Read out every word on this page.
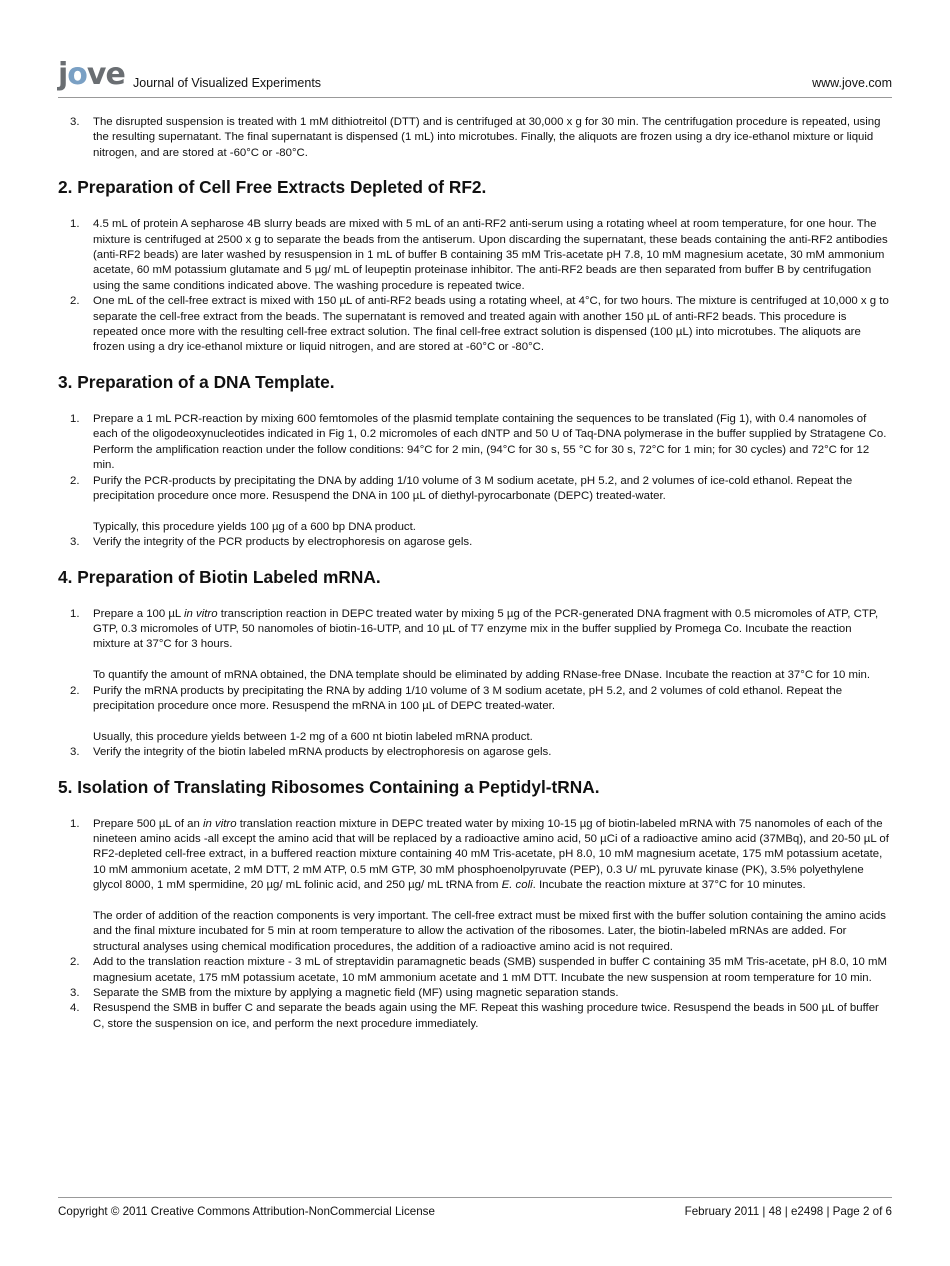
jove Journal of Visualized Experiments	www.jove.com
3. The disrupted suspension is treated with 1 mM dithiotreitol (DTT) and is centrifuged at 30,000 x g for 30 min. The centrifugation procedure is repeated, using the resulting supernatant. The final supernatant is dispensed (1 mL) into microtubes. Finally, the aliquots are frozen using a dry ice-ethanol mixture or liquid nitrogen, and are stored at -60°C or -80°C.

2. Preparation of Cell Free Extracts Depleted of RF2.
1. 4.5 mL of protein A sepharose 4B slurry beads are mixed with 5 mL of an anti-RF2 anti-serum using a rotating wheel at room temperature, for one hour. The mixture is centrifuged at 2500 x g to separate the beads from the antiserum. Upon discarding the supernatant, these beads containing the anti-RF2 antibodies (anti-RF2 beads) are later washed by resuspension in 1 mL of buffer B containing 35 mM Tris-acetate pH 7.8, 10 mM magnesium acetate, 30 mM ammonium acetate, 60 mM potassium glutamate and 5 µg/ mL of leupeptin proteinase inhibitor. The anti-RF2 beads are then separated from buffer B by centrifugation using the same conditions indicated above. The washing procedure is repeated twice.

2. One mL of the cell-free extract is mixed with 150 µL of anti-RF2 beads using a rotating wheel, at 4°C, for two hours. The mixture is centrifuged at 10,000 x g to separate the cell-free extract from the beads. The supernatant is removed and treated again with another 150 µL of anti-RF2 beads. This procedure is repeated once more with the resulting cell-free extract solution. The final cell-free extract solution is dispensed (100 µL) into microtubes. The aliquots are frozen using a dry ice-ethanol mixture or liquid nitrogen, and are stored at -60°C or -80°C.

3. Preparation of a DNA Template.
1. Prepare a 1 mL PCR-reaction by mixing 600 femtomoles of the plasmid template containing the sequences to be translated (Fig 1), with 0.4 nanomoles of each of the oligodeoxynucleotides indicated in Fig 1, 0.2 micromoles of each dNTP and 50 U of Taq-DNA polymerase in the buffer supplied by Stratagene Co. Perform the amplification reaction under the follow conditions: 94°C for 2 min, (94°C for 30 s, 55 °C for 30 s, 72°C for 1 min; for 30 cycles) and 72°C for 12 min.

2. Purify the PCR-products by precipitating the DNA by adding 1/10 volume of 3 M sodium acetate, pH 5.2, and 2 volumes of ice-cold ethanol. Repeat the precipitation procedure once more. Resuspend the DNA in 100 µL of diethyl-pyrocarbonate (DEPC) treated-water.

Typically, this procedure yields 100 µg of a 600 bp DNA product.

3. Verify the integrity of the PCR products by electrophoresis on agarose gels.

4. Preparation of Biotin Labeled mRNA.
1. Prepare a 100 µL in vitro transcription reaction in DEPC treated water by mixing 5 µg of the PCR-generated DNA fragment with 0.5 micromoles of ATP, CTP, GTP, 0.3 micromoles of UTP, 50 nanomoles of biotin-16-UTP, and 10 µL of T7 enzyme mix in the buffer supplied by Promega Co. Incubate the reaction mixture at 37°C for 3 hours.

To quantify the amount of mRNA obtained, the DNA template should be eliminated by adding RNase-free DNase. Incubate the reaction at 37°C for 10 min.

2. Purify the mRNA products by precipitating the RNA by adding 1/10 volume of 3 M sodium acetate, pH 5.2, and 2 volumes of cold ethanol. Repeat the precipitation procedure once more. Resuspend the mRNA in 100 µL of DEPC treated-water.

Usually, this procedure yields between 1-2 mg of a 600 nt biotin labeled mRNA product.

3. Verify the integrity of the biotin labeled mRNA products by electrophoresis on agarose gels.

5. Isolation of Translating Ribosomes Containing a Peptidyl-tRNA.
1. Prepare 500 µL of an in vitro translation reaction mixture in DEPC treated water by mixing 10-15 µg of biotin-labeled mRNA with 75 nanomoles of each of the nineteen amino acids -all except the amino acid that will be replaced by a radioactive amino acid, 50 µCi of a radioactive amino acid (37MBq), and 20-50 µL of RF2-depleted cell-free extract, in a buffered reaction mixture containing 40 mM Tris-acetate, pH 8.0, 10 mM magnesium acetate, 175 mM potassium acetate, 10 mM ammonium acetate, 2 mM DTT, 2 mM ATP, 0.5 mM GTP, 30 mM phosphoenolpyruvate (PEP), 0.3 U/ mL pyruvate kinase (PK), 3.5% polyethylene glycol 8000, 1 mM spermidine, 20 µg/ mL folinic acid, and 250 µg/ mL tRNA from E. coli. Incubate the reaction mixture at 37°C for 10 minutes.

The order of addition of the reaction components is very important. The cell-free extract must be mixed first with the buffer solution containing the amino acids and the final mixture incubated for 5 min at room temperature to allow the activation of the ribosomes. Later, the biotin-labeled mRNAs are added. For structural analyses using chemical modification procedures, the addition of a radioactive amino acid is not required.

2. Add to the translation reaction mixture - 3 mL of streptavidin paramagnetic beads (SMB) suspended in buffer C containing 35 mM Tris-acetate, pH 8.0, 10 mM magnesium acetate, 175 mM potassium acetate, 10 mM ammonium acetate and 1 mM DTT. Incubate the new suspension at room temperature for 10 min.

3. Separate the SMB from the mixture by applying a magnetic field (MF) using magnetic separation stands.

4. Resuspend the SMB in buffer C and separate the beads again using the MF. Repeat this washing procedure twice. Resuspend the beads in 500 µL of buffer C, store the suspension on ice, and perform the next procedure immediately.

Copyright © 2011 Creative Commons Attribution-NonCommercial License	February 2011 | 48 | e2498 | Page 2 of 6
